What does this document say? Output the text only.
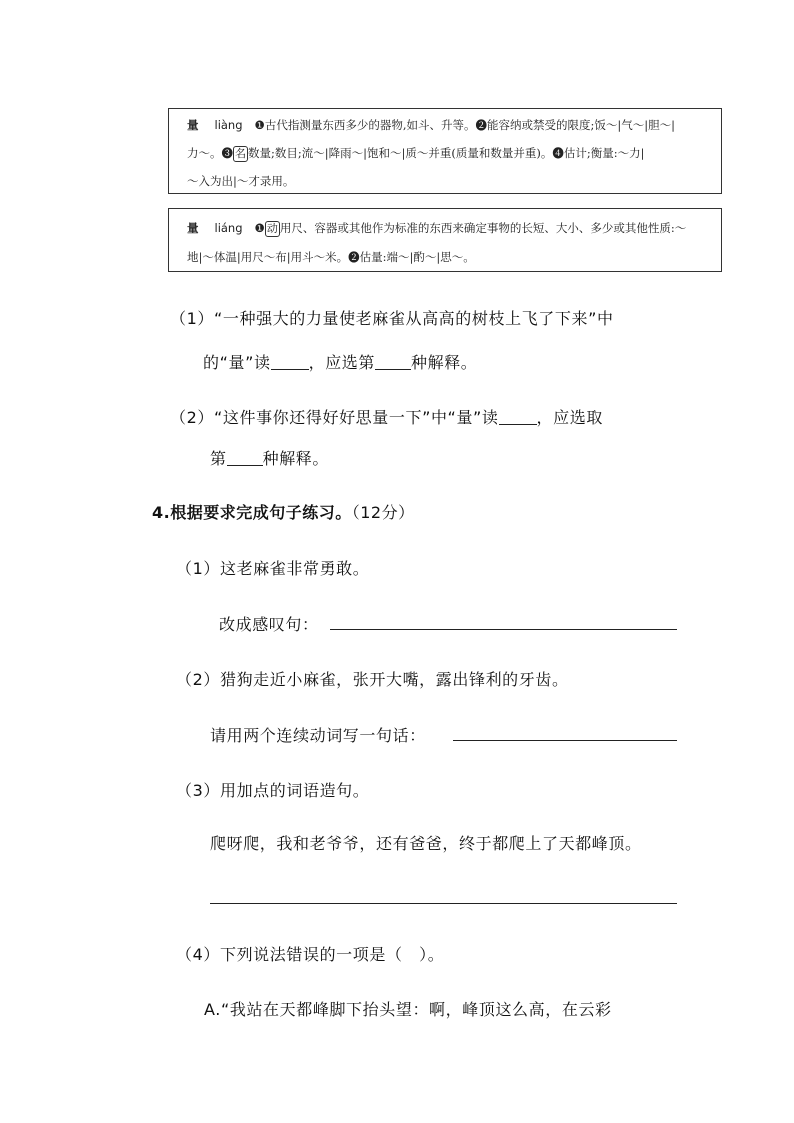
量 liàng ❶古代指测量东西多少的器物,如斗、升等。❷能容纳或禁受的限度;饭～|气～|胆～|
力～。❸ 名 数量;数目;流～|降雨～|饱和～|质～并重(质量和数量并重)。❹估计;衡量:～力|
～入为出|～才录用。
量 liáng ❶ 动 用尺、容器或其他作为标准的东西来确定事物的长短、大小、多少或其他性质:～
地|～体温|用尺～布|用斗～米。❷估量:端～|酌～|思～。
（1）“一种强大的力量使老麻雀从高高的树枝上飞了下来”中
的“量”读 ，应选第 种解释。
（2）“这件事你还得好好思量一下”中“量”读 ，应选取
第 种解释。
4.根据要求完成句子练习。（12分）
（1）这老麻雀非常勇敢。
改成感叹句：
（2）猎狗走近小麻雀，张开大嘴，露出锋利的牙齿。
请用两个连续动词写一句话：
（3）用加点的词语造句。
爬呀爬，我和老爷爷，还有爸爸，终于都爬上了天都峰顶。
（4）下列说法错误的一项是（　）。
A.“我站在天都峰脚下抬头望：啊，峰顶这么高，在云彩
